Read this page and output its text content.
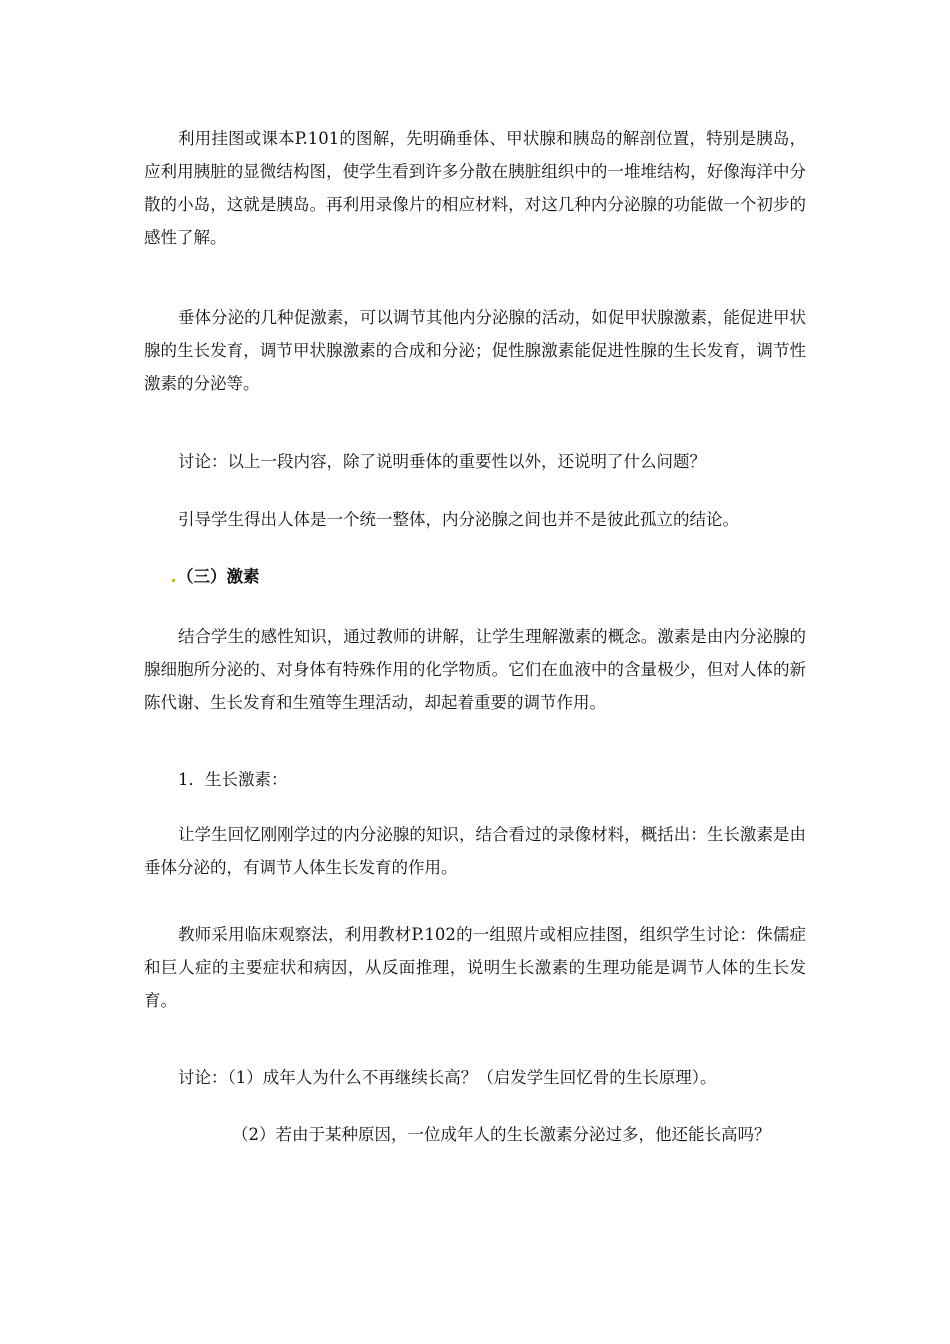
利用挂图或课本P.101的图解，先明确垂体、甲状腺和胰岛的解剖位置，特别是胰岛，应利用胰脏的显微结构图，使学生看到许多分散在胰脏组织中的一堆堆结构，好像海洋中分散的小岛，这就是胰岛。再利用录像片的相应材料，对这几种内分泌腺的功能做一个初步的感性了解。

垂体分泌的几种促激素，可以调节其他内分泌腺的活动，如促甲状腺激素，能促进甲状腺的生长发育，调节甲状腺激素的合成和分泌；促性腺激素能促进性腺的生长发育，调节性激素的分泌等。

讨论：以上一段内容，除了说明垂体的重要性以外，还说明了什么问题？

引导学生得出人体是一个统一整体，内分泌腺之间也并不是彼此孤立的结论。

（三）激素

结合学生的感性知识，通过教师的讲解，让学生理解激素的概念。激素是由内分泌腺的腺细胞所分泌的、对身体有特殊作用的化学物质。它们在血液中的含量极少，但对人体的新陈代谢、生长发育和生殖等生理活动，却起着重要的调节作用。

1．生长激素：

让学生回忆刚刚学过的内分泌腺的知识，结合看过的录像材料，概括出：生长激素是由垂体分泌的，有调节人体生长发育的作用。

教师采用临床观察法，利用教材P.102的一组照片或相应挂图，组织学生讨论：侏儒症和巨人症的主要症状和病因，从反面推理，说明生长激素的生理功能是调节人体的生长发育。

讨论：（1）成年人为什么不再继续长高？（启发学生回忆骨的生长原理）。

（2）若由于某种原因，一位成年人的生长激素分泌过多，他还能长高吗？
